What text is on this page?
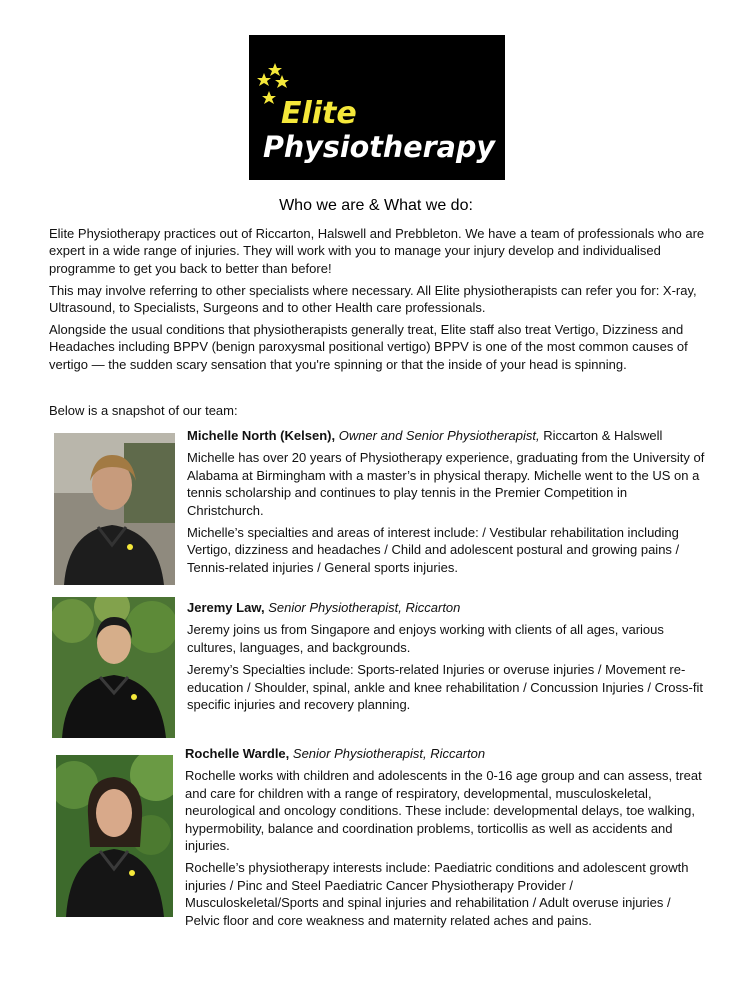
Elite
Physiotherapy
Who we are & What we do:

Elite Physiotherapy practices out of Riccarton, Halswell and Prebbleton. We have a team of professionals who are expert in a wide range of injuries. They will work with you to manage your injury develop and individualised programme to get you back to better than before!

This may involve referring to other specialists where necessary. All Elite physiotherapists can refer you for: X-ray, Ultrasound, to Specialists, Surgeons and to other Health care professionals.

Alongside the usual conditions that physiotherapists generally treat, Elite staff also treat Vertigo, Dizziness and Headaches including BPPV (benign paroxysmal positional vertigo) BPPV is one of the most common causes of vertigo — the sudden scary sensation that you're spinning or that the inside of your head is spinning.

Below is a snapshot of our team:

Michelle North (Kelsen), Owner and Senior Physiotherapist, Riccarton & Halswell

Michelle has over 20 years of Physiotherapy experience, graduating from the University of Alabama at Birmingham with a master’s in physical therapy. Michelle went to the US on a tennis scholarship and continues to play tennis in the Premier Competition in Christchurch.

Michelle’s specialties and areas of interest include: / Vestibular rehabilitation including Vertigo, dizziness and headaches / Child and adolescent postural and growing pains / Tennis-related injuries / General sports injuries.

Jeremy Law, Senior Physiotherapist, Riccarton

Jeremy joins us from Singapore and enjoys working with clients of all ages, various cultures, languages, and backgrounds.

Jeremy’s Specialties include: Sports-related Injuries or overuse injuries / Movement re-education / Shoulder, spinal, ankle and knee rehabilitation / Concussion Injuries / Cross-fit specific injuries and recovery planning.

Rochelle Wardle, Senior Physiotherapist, Riccarton

Rochelle works with children and adolescents in the 0-16 age group and can assess, treat and care for children with a range of respiratory, developmental, musculoskeletal, neurological and oncology conditions. These include: developmental delays, toe walking, hypermobility, balance and coordination problems, torticollis as well as accidents and injuries.

Rochelle’s physiotherapy interests include: Paediatric conditions and adolescent growth injuries / Pinc and Steel Paediatric Cancer Physiotherapy Provider / Musculoskeletal/Sports and spinal injuries and rehabilitation / Adult overuse injuries / Pelvic floor and core weakness and maternity related aches and pains.
